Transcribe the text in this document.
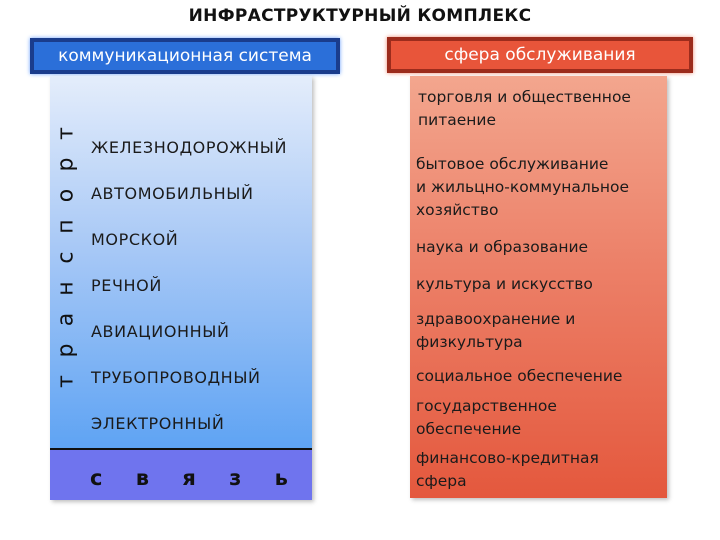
ИНФРАСТРУКТУРНЫЙ КОМПЛЕКС
коммуникационная система	сфера обслуживания
т
р
о
п
с
н
а
р
т
ЖЕЛЕЗНОДОРОЖНЫЙ
АВТОМОБИЛЬНЫЙ
МОРСКОЙ
РЕЧНОЙ
АВИАЦИОННЫЙ
ТРУБОПРОВОДНЫЙ
ЭЛЕКТРОННЫЙ
с в я з ь
торговля и общественное
питаение
бытовое обслуживание
и жильцно-коммунальное
хозяйство
наука и образование
культура и искусство
здравоохранение и
физкультура
социальное обеспечение
государственное
обеспечение
финансово-кредитная
сфера
